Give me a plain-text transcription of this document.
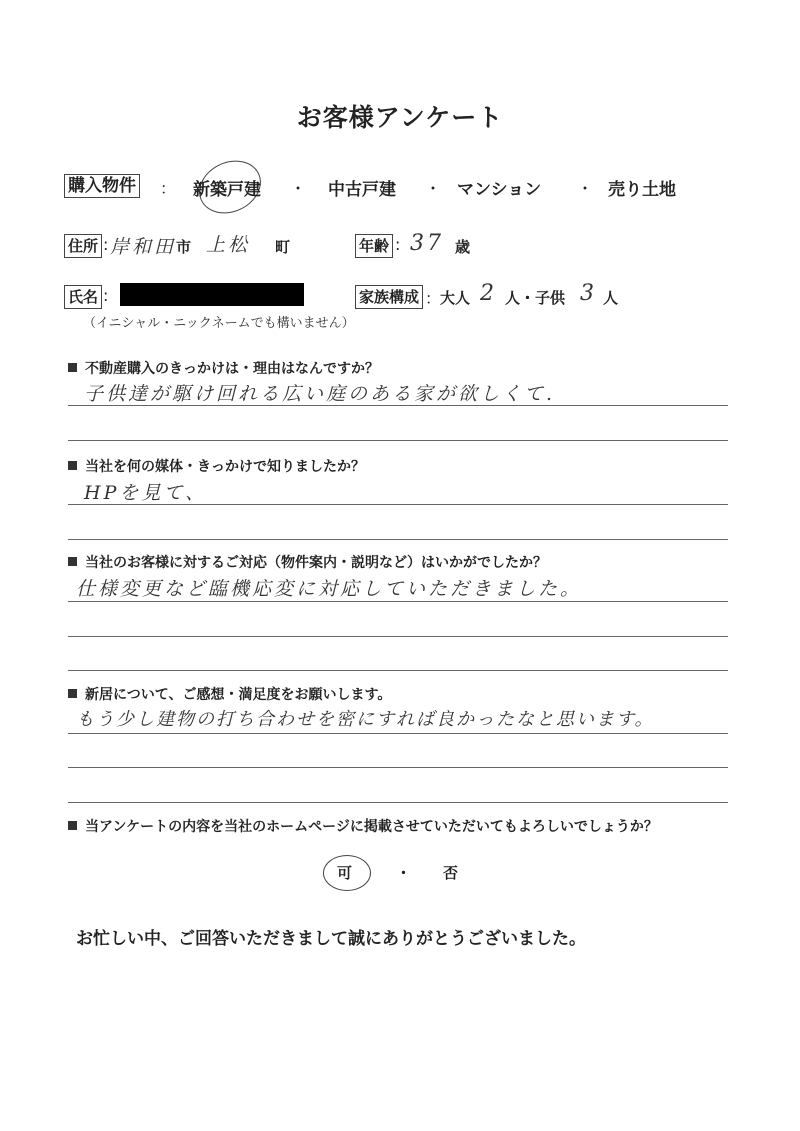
お客様アンケート
購入物件 ： 新築戸建 ・ 中古戸建 ・ マンション ・ 売り土地
住所 : 岸和田 市 上松 町	年齢 : 37 歳
氏名 :
（イニシャル・ニックネームでも構いません）
家族構成 ：
大人 2 人・子供 3 人
不動産購入のきっかけは・理由はなんですか？
子供達が駆け回れる広い庭のある家が欲しくて.
当社を何の媒体・きっかけで知りましたか？
HPを見て、
当社のお客様に対するご対応（物件案内・説明など）はいかがでしたか？
仕様変更など臨機応変に対応していただきました。
新居について、ご感想・満足度をお願いします。
もう少し建物の打ち合わせを密にすれば良かったなと思います。
当アンケートの内容を当社のホームページに掲載させていただいてもよろしいでしょうか？
可	・ 否
お忙しい中、ご回答いただきまして誠にありがとうございました。
